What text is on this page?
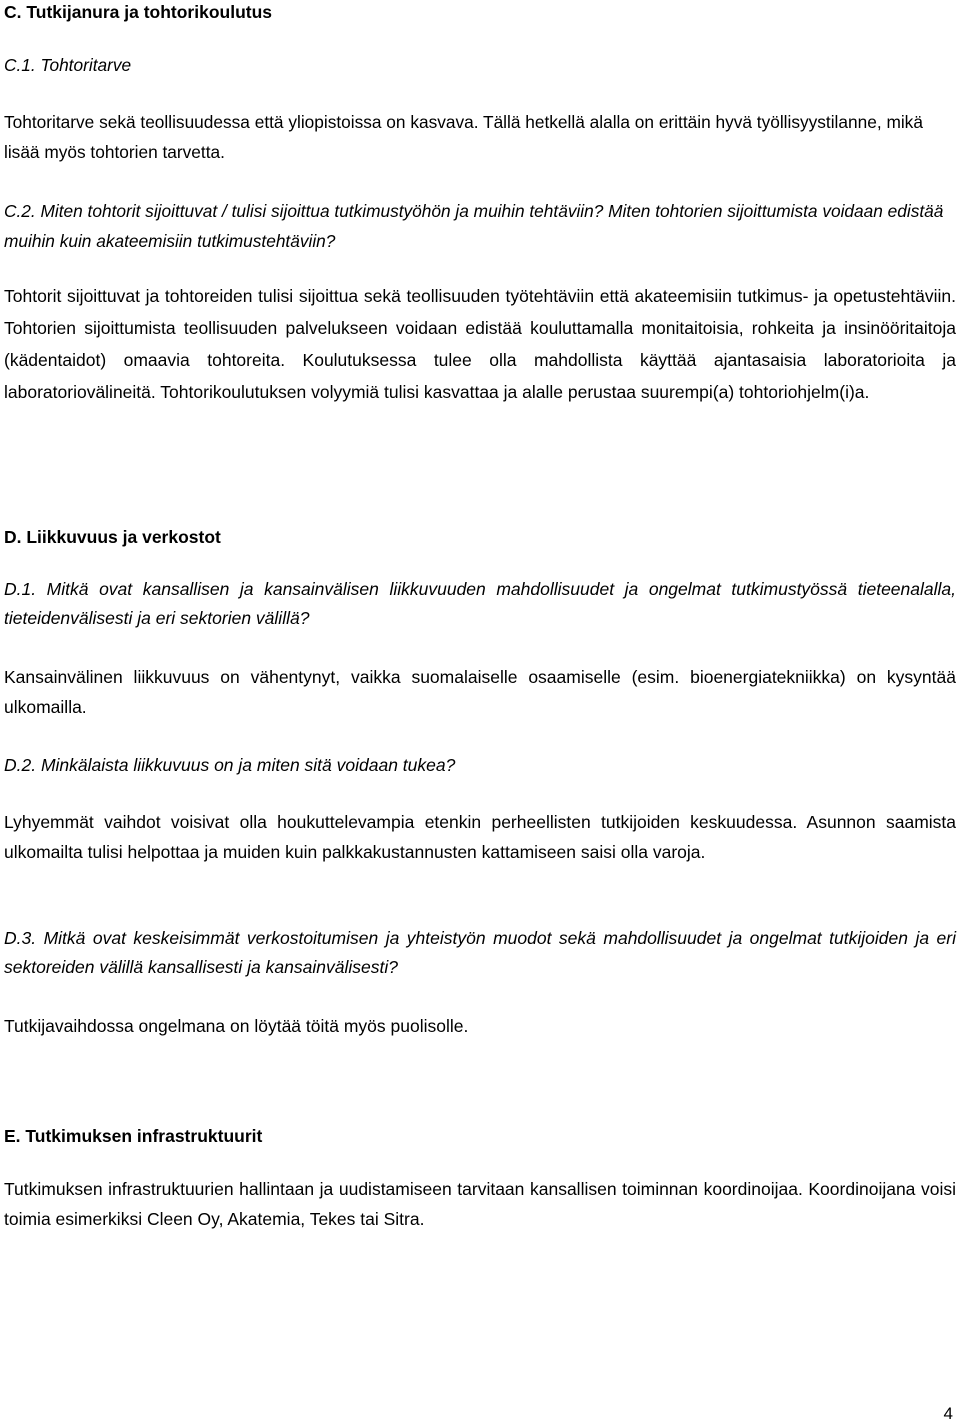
C. Tutkijanura ja tohtorikoulutus
C.1. Tohtoritarve

Tohtoritarve sekä teollisuudessa että yliopistoissa on kasvava. Tällä hetkellä alalla on erittäin hyvä työllisyystilanne, mikä lisää myös tohtorien tarvetta.

C.2. Miten tohtorit sijoittuvat / tulisi sijoittua tutkimustyöhön ja muihin tehtäviin? Miten tohtorien sijoittumista voidaan edistää muihin kuin akateemisiin tutkimustehtäviin?

Tohtorit sijoittuvat ja tohtoreiden tulisi sijoittua sekä teollisuuden työtehtäviin että akateemisiin tutkimus- ja opetustehtäviin. Tohtorien sijoittumista teollisuuden palvelukseen voidaan edistää kouluttamalla monitaitoisia, rohkeita ja insinööritaitoja (kädentaidot) omaavia tohtoreita. Koulutuksessa tulee olla mahdollista käyttää ajantasaisia laboratorioita ja laboratoriovälineitä. Tohtorikoulutuksen volyymiä tulisi kasvattaa ja alalle perustaa suurempi(a) tohtoriohjelm(i)a.

D. Liikkuvuus ja verkostot

D.1. Mitkä ovat kansallisen ja kansainvälisen liikkuvuuden mahdollisuudet ja ongelmat tutkimustyössä tieteenalalla, tieteidenvälisesti ja eri sektorien välillä?

Kansainvälinen liikkuvuus on vähentynyt, vaikka suomalaiselle osaamiselle (esim. bioenergiatekniikka) on kysyntää ulkomailla.

D.2. Minkälaista liikkuvuus on ja miten sitä voidaan tukea?

Lyhyemmät vaihdot voisivat olla houkuttelevampia etenkin perheellisten tutkijoiden keskuudessa. Asunnon saamista ulkomailta tulisi helpottaa ja muiden kuin palkkakustannusten kattamiseen saisi olla varoja.

D.3. Mitkä ovat keskeisimmät verkostoitumisen ja yhteistyön muodot sekä mahdollisuudet ja ongelmat tutkijoiden ja eri sektoreiden välillä kansallisesti ja kansainvälisesti?

Tutkijavaihdossa ongelmana on löytää töitä myös puolisolle.
E. Tutkimuksen infrastruktuurit

Tutkimuksen infrastruktuurien hallintaan ja uudistamiseen tarvitaan kansallisen toiminnan koordinoijaa. Koordinoijana voisi toimia esimerkiksi Cleen Oy, Akatemia, Tekes tai Sitra.

4
